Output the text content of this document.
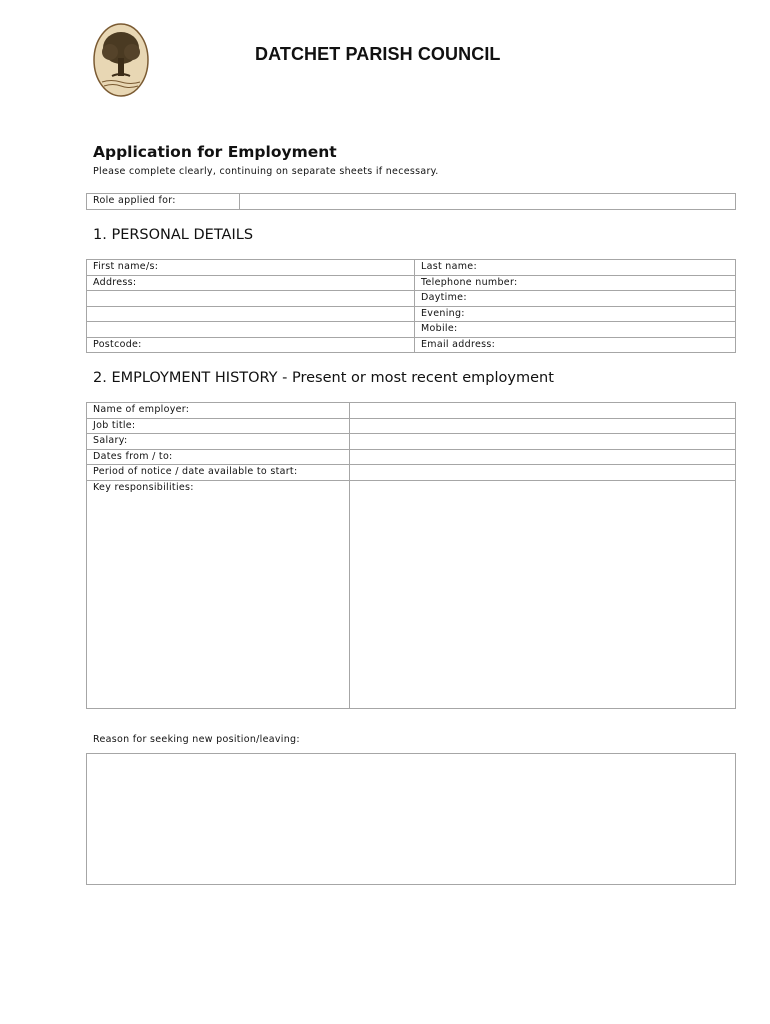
DATCHET PARISH COUNCIL
Application for Employment
Please complete clearly, continuing on separate sheets if necessary.
Role applied for:	
1. PERSONAL DETAILS
First name/s:	Last name:
Address:	Telephone number:
	Daytime:
	Evening:
	Mobile:
Postcode:	Email address:
2. EMPLOYMENT HISTORY - Present or most recent employment
Name of employer:	
Job title:	
Salary:	
Dates from / to:	
Period of notice / date available to start:	
Key responsibilities:	
Reason for seeking new position/leaving:
